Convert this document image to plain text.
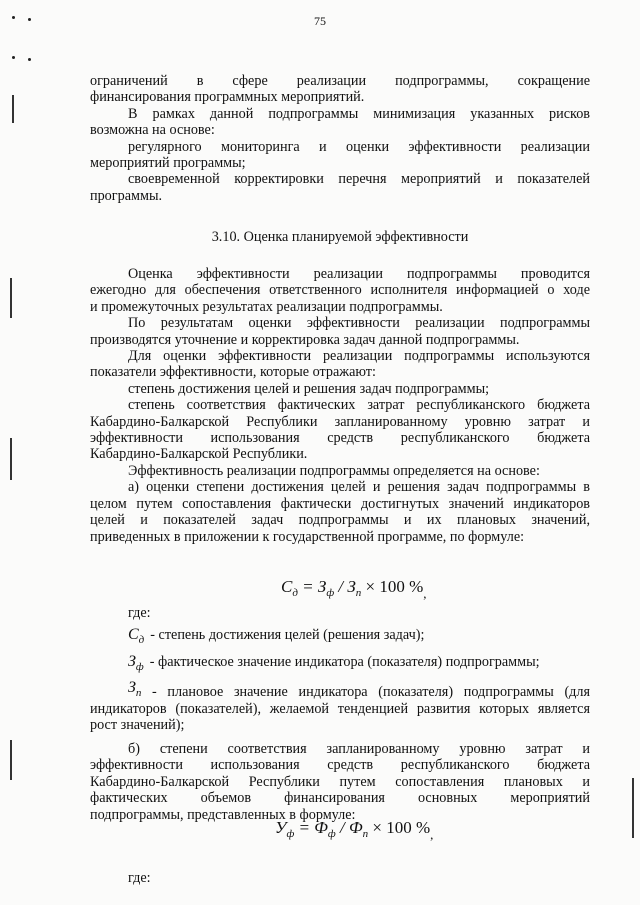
75
ограничений в сфере реализации подпрограммы, сокращение
финансирования программных мероприятий.
В рамках данной подпрограммы минимизация указанных рисков
возможна на основе:
регулярного мониторинга и оценки эффективности реализации
мероприятий программы;
своевременной корректировки перечня мероприятий и показателей
программы.
3.10. Оценка планируемой эффективности
Оценка эффективности реализации подпрограммы проводится
ежегодно для обеспечения ответственного исполнителя информацией о ходе
и промежуточных результатах реализации подпрограммы.
По результатам оценки эффективности реализации подпрограммы
производятся уточнение и корректировка задач данной подпрограммы.
Для оценки эффективности реализации подпрограммы используются
показатели эффективности, которые отражают:
степень достижения целей и решения задач подпрограммы;
степень соответствия фактических затрат республиканского бюджета
Кабардино-Балкарской Республики запланированному уровню затрат и
эффективности использования средств республиканского бюджета
Кабардино-Балкарской Республики.
Эффективность реализации подпрограммы определяется на основе:
а) оценки степени достижения целей и решения задач подпрограммы в
целом путем сопоставления фактически достигнутых значений индикаторов
целей и показателей задач подпрограммы и их плановых значений,
приведенных в приложении к государственной программе, по формуле:
$С_д = З_ф / З_п \times 100$ $\%_,$
где:
$С_д$ - степень достижения целей (решения задач);
$З_ф$ - фактическое значение индикатора (показателя) подпрограммы;
$З_п$ - плановое значение индикатора (показателя) подпрограммы (для
индикаторов (показателей), желаемой тенденцией развития которых является
рост значений);
б) степени соответствия запланированному уровню затрат и
эффективности использования средств республиканского бюджета
Кабардино-Балкарской Республики путем сопоставления плановых и
фактических объемов финансирования основных мероприятий
подпрограммы, представленных в формуле:
$У_ф = Ф_ф / Ф_п \times 100$ $\%_,$
где:
